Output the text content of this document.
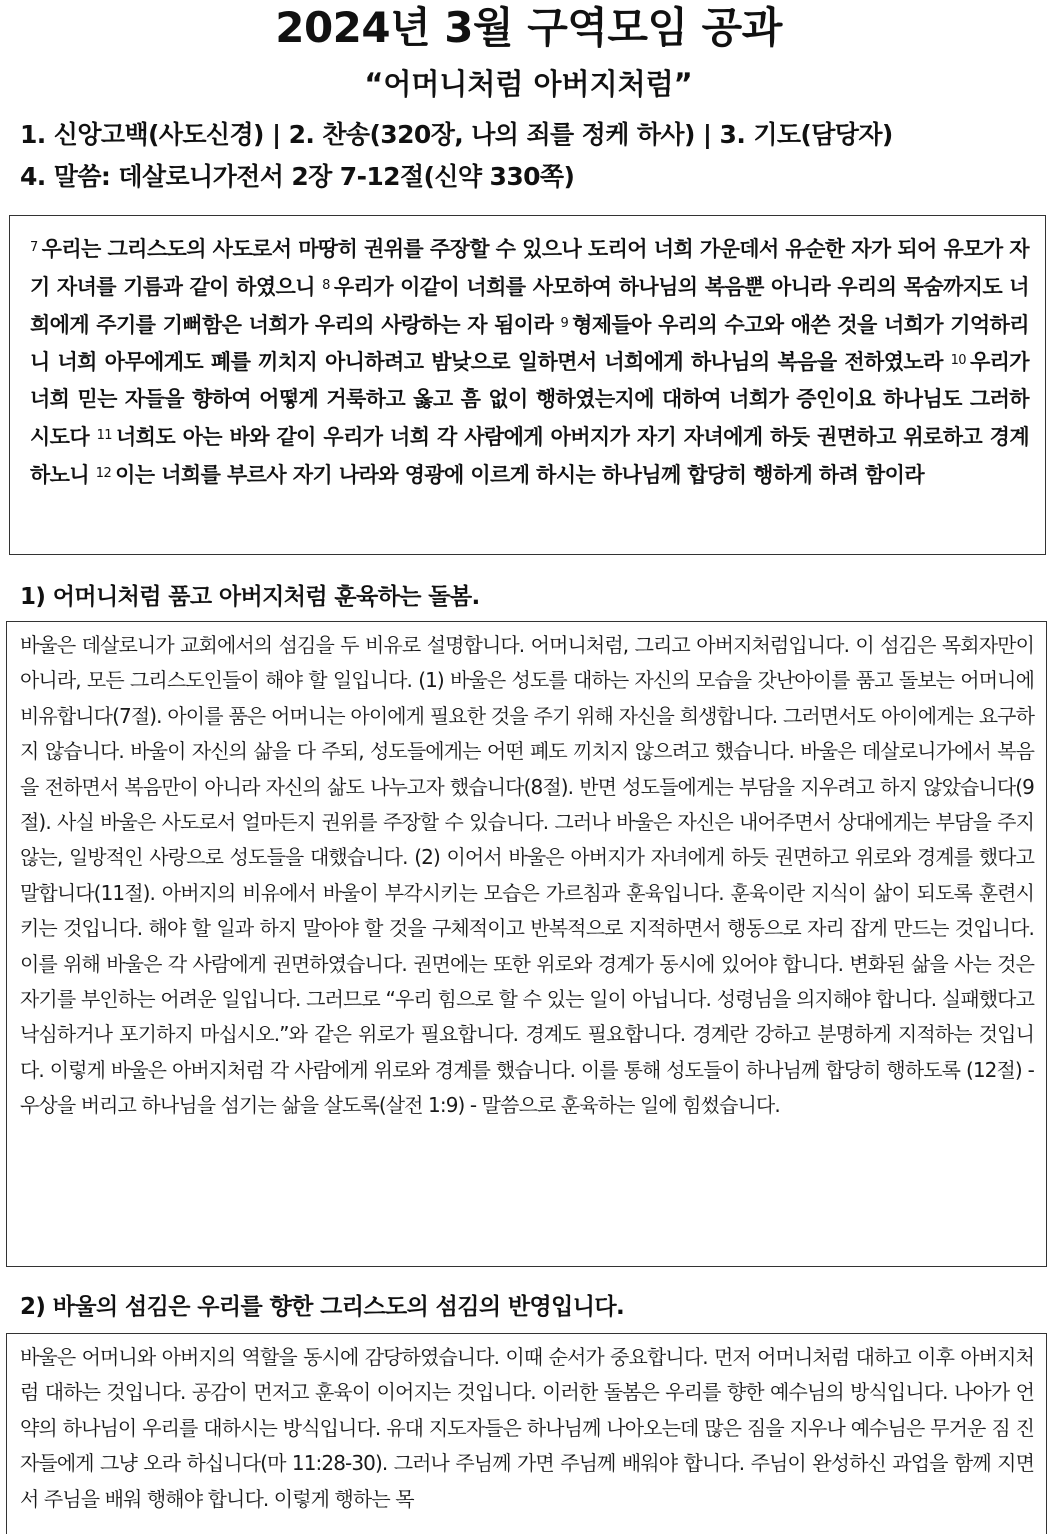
2024년 3월 구역모임 공과
“어머니처럼 아버지처럼”
1. 신앙고백(사도신경) | 2. 찬송(320장, 나의 죄를 정케 하사) | 3. 기도(담당자)
4. 말씀: 데살로니가전서 2장 7-12절(신약 330쪽)
$^7$ 우리는 그리스도의 사도로서 마땅히 권위를 주장할 수 있으나 도리어 너희 가운데서 유순한 자가 되어 유모가 자기 자녀를 기름과 같이 하였으니 $^8$ 우리가 이같이 너희를 사모하여 하나님의 복음뿐 아니라 우리의 목숨까지도 너희에게 주기를 기뻐함은 너희가 우리의 사랑하는 자 됨이라 $^9$ 형제들아 우리의 수고와 애쓴 것을 너희가 기억하리니 너희 아무에게도 폐를 끼치지 아니하려고 밤낮으로 일하면서 너희에게 하나님의 복음을 전하였노라 $^{10}$ 우리가 너희 믿는 자들을 향하여 어떻게 거룩하고 옳고 흠 없이 행하였는지에 대하여 너희가 증인이요 하나님도 그러하시도다 $^{11}$ 너희도 아는 바와 같이 우리가 너희 각 사람에게 아버지가 자기 자녀에게 하듯 권면하고 위로하고 경계하노니 $^{12}$ 이는 너희를 부르사 자기 나라와 영광에 이르게 하시는 하나님께 합당히 행하게 하려 함이라
1) 어머니처럼 품고 아버지처럼 훈육하는 돌봄.
바울은 데살로니가 교회에서의 섬김을 두 비유로 설명합니다. 어머니처럼, 그리고 아버지처럼입니다. 이 섬김은 목회자만이 아니라, 모든 그리스도인들이 해야 할 일입니다. (1) 바울은 성도를 대하는 자신의 모습을 갓난아이를 품고 돌보는 어머니에 비유합니다(7절). 아이를 품은 어머니는 아이에게 필요한 것을 주기 위해 자신을 희생합니다. 그러면서도 아이에게는 요구하지 않습니다. 바울이 자신의 삶을 다 주되, 성도들에게는 어떤 폐도 끼치지 않으려고 했습니다. 바울은 데살로니가에서 복음을 전하면서 복음만이 아니라 자신의 삶도 나누고자 했습니다(8절). 반면 성도들에게는 부담을 지우려고 하지 않았습니다(9절). 사실 바울은 사도로서 얼마든지 권위를 주장할 수 있습니다. 그러나 바울은 자신은 내어주면서 상대에게는 부담을 주지 않는, 일방적인 사랑으로 성도들을 대했습니다. (2) 이어서 바울은 아버지가 자녀에게 하듯 권면하고 위로와 경계를 했다고 말합니다(11절). 아버지의 비유에서 바울이 부각시키는 모습은 가르침과 훈육입니다. 훈육이란 지식이 삶이 되도록 훈련시키는 것입니다. 해야 할 일과 하지 말아야 할 것을 구체적이고 반복적으로 지적하면서 행동으로 자리 잡게 만드는 것입니다. 이를 위해 바울은 각 사람에게 권면하였습니다. 권면에는 또한 위로와 경계가 동시에 있어야 합니다. 변화된 삶을 사는 것은 자기를 부인하는 어려운 일입니다. 그러므로 “우리 힘으로 할 수 있는 일이 아닙니다. 성령님을 의지해야 합니다. 실패했다고 낙심하거나 포기하지 마십시오.”와 같은 위로가 필요합니다. 경계도 필요합니다. 경계란 강하고 분명하게 지적하는 것입니다. 이렇게 바울은 아버지처럼 각 사람에게 위로와 경계를 했습니다. 이를 통해 성도들이 하나님께 합당히 행하도록 (12절) - 우상을 버리고 하나님을 섬기는 삶을 살도록(살전 1:9) - 말씀으로 훈육하는 일에 힘썼습니다.
2) 바울의 섬김은 우리를 향한 그리스도의 섬김의 반영입니다.
바울은 어머니와 아버지의 역할을 동시에 감당하였습니다. 이때 순서가 중요합니다. 먼저 어머니처럼 대하고 이후 아버지처럼 대하는 것입니다. 공감이 먼저고 훈육이 이어지는 것입니다. 이러한 돌봄은 우리를 향한 예수님의 방식입니다. 나아가 언약의 하나님이 우리를 대하시는 방식입니다. 유대 지도자들은 하나님께 나아오는데 많은 짐을 지우나 예수님은 무거운 짐 진 자들에게 그냥 오라 하십니다(마 11:28-30). 그러나 주님께 가면 주님께 배워야 합니다. 주님이 완성하신 과업을 함께 지면서 주님을 배워 행해야 합니다. 이렇게 행하는 목
